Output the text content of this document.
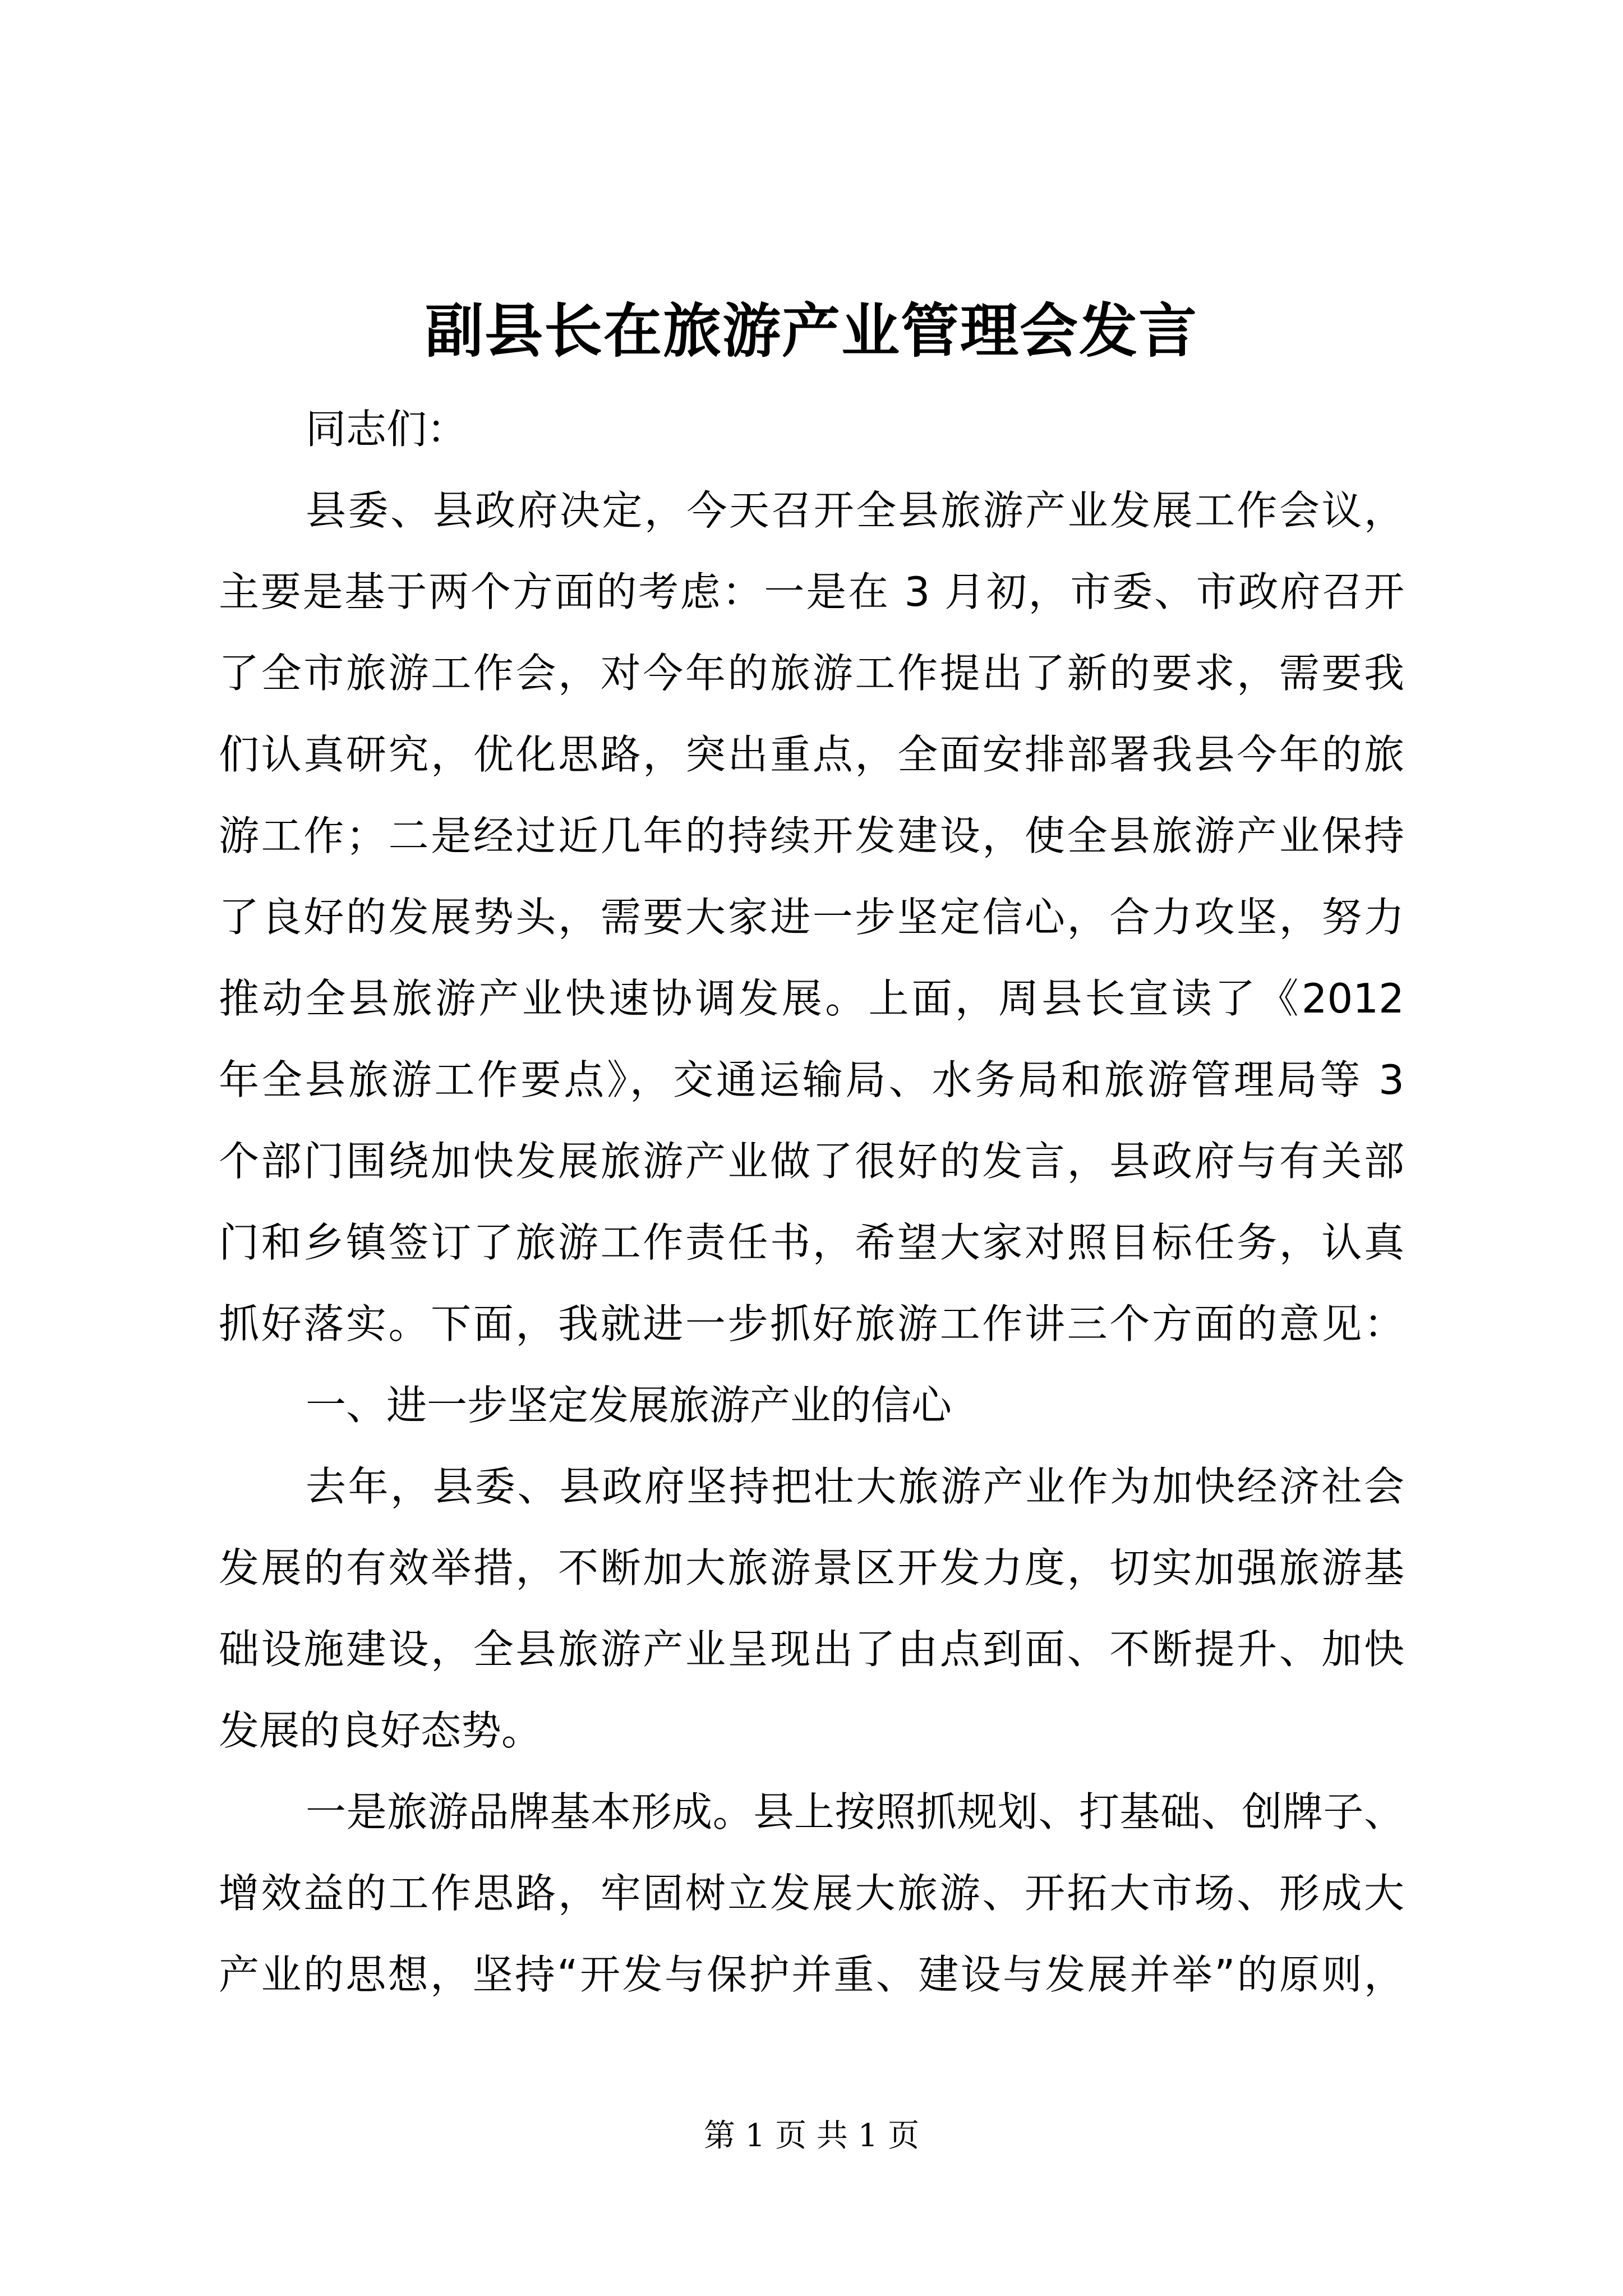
副县长在旅游产业管理会发言
同志们：
县委、县政府决定，今天召开全县旅游产业发展工作会议，
主要是基于两个方面的考虑：一是在 3 月初，市委、市政府召开
了全市旅游工作会，对今年的旅游工作提出了新的要求，需要我
们认真研究，优化思路，突出重点，全面安排部署我县今年的旅
游工作；二是经过近几年的持续开发建设，使全县旅游产业保持
了良好的发展势头，需要大家进一步坚定信心，合力攻坚，努力
推动全县旅游产业快速协调发展。上面，周县长宣读了《2012
年全县旅游工作要点》，交通运输局、水务局和旅游管理局等 3
个部门围绕加快发展旅游产业做了很好的发言，县政府与有关部
门和乡镇签订了旅游工作责任书，希望大家对照目标任务，认真
抓好落实。下面，我就进一步抓好旅游工作讲三个方面的意见：
一、进一步坚定发展旅游产业的信心
去年，县委、县政府坚持把壮大旅游产业作为加快经济社会
发展的有效举措，不断加大旅游景区开发力度，切实加强旅游基
础设施建设，全县旅游产业呈现出了由点到面、不断提升、加快
发展的良好态势。
一是旅游品牌基本形成。县上按照抓规划、打基础、创牌子、
增效益的工作思路，牢固树立发展大旅游、开拓大市场、形成大
产业的思想，坚持“开发与保护并重、建设与发展并举”的原则，
第 1 页 共 1 页
